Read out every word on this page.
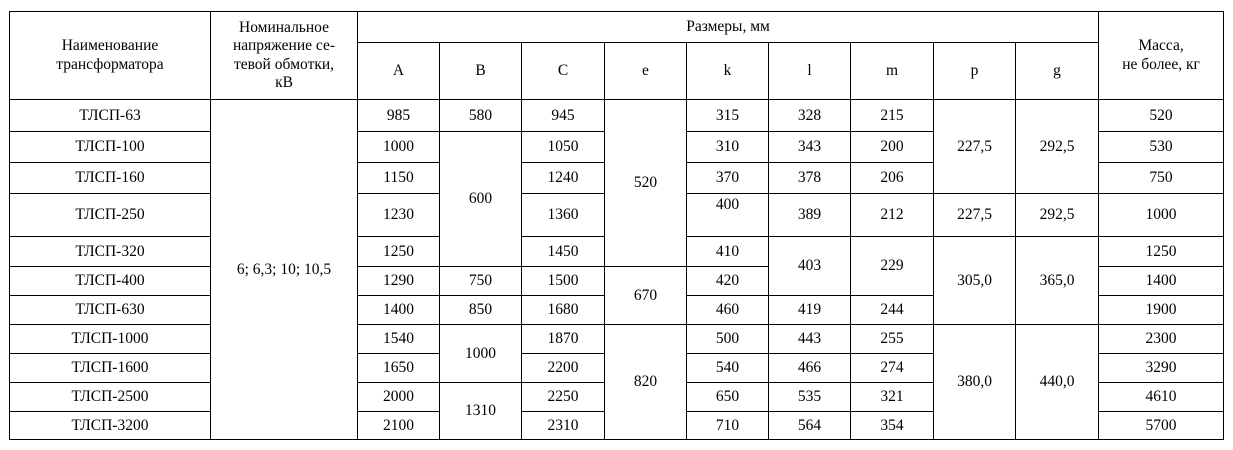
Наименование
трансформатора	Номинальное
напряжение се-
тевой обмотки,
кВ	Размеры, мм									Масса,
не более, кг
		A	B	C	e	k	l	m	p	g	
ТЛСП-63	6; 6,3; 10; 10,5	985	580	945	520	315	328	215	227,5	292,5	520
ТЛСП-100		1000	600	1050		310	343	200			530
ТЛСП-160		1150		1240		370	378	206			750
ТЛСП-250		1230		1360		400	389	212	227,5	292,5	1000
ТЛСП-320		1250		1450		410	403	229	305,0	365,0	1250
ТЛСП-400		1290	750	1500	670	420					1400
ТЛСП-630		1400	850	1680		460	419	244			1900
ТЛСП-1000		1540	1000	1870	820	500	443	255	380,0	440,0	2300
ТЛСП-1600		1650		2200		540	466	274			3290
ТЛСП-2500		2000	1310	2250		650	535	321			4610
ТЛСП-3200		2100		2310		710	564	354			5700
